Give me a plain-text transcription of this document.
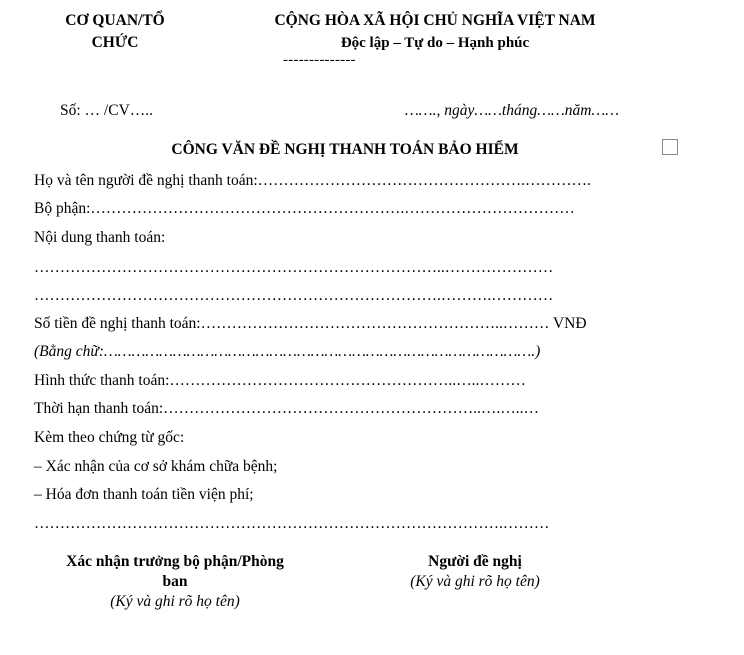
CƠ QUAN/TỔ
CHỨC
CỘNG HÒA XÃ HỘI CHỦ NGHĨA VIỆT NAM
Độc lập – Tự do – Hạnh phúc
--------------
Số: … /CV…..	……., ngày……tháng……năm……
CÔNG VĂN ĐỀ NGHỊ THANH TOÁN BẢO HIỂM
Họ và tên người đề nghị thanh toán:…………………………………………….………….
Bộ phận:…………………………………………………….……………………………
Nội dung thanh toán:
……………………………………………………………………..…………………
…………………………………………………………………….……….…………
Số tiền đề nghị thanh toán:…………………………………………………..……… VNĐ
(Bằng chữ:………………………………………………………………………………….)
Hình thức thanh toán:………………………………………………..…..………
Thời hạn thanh toán:……………………………………………………..….…..…
Kèm theo chứng từ gốc:
– Xác nhận của cơ sở khám chữa bệnh;
– Hóa đơn thanh toán tiền viện phí;
……………………………………………………………………………….………
Xác nhận trưởng bộ phận/Phòng
ban
(Ký và ghi rõ họ tên)
Người đề nghị
(Ký và ghi rõ họ tên)
